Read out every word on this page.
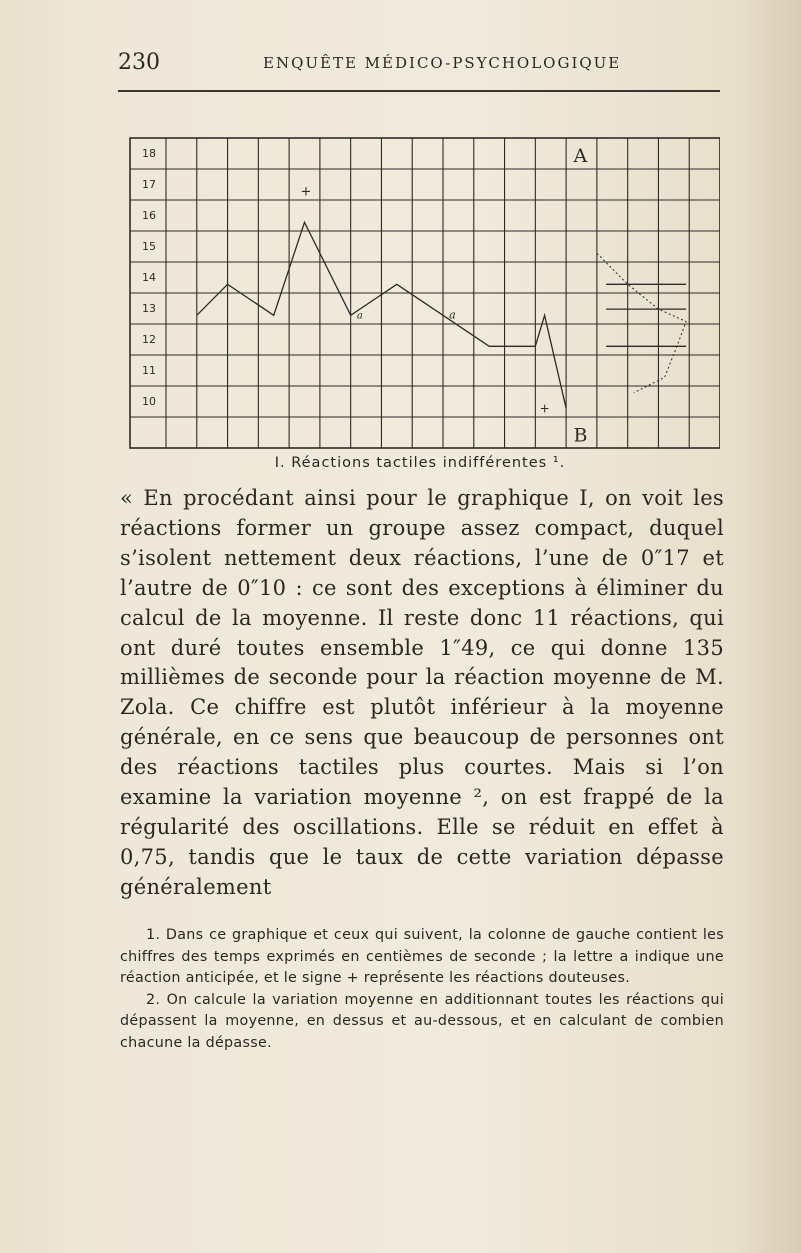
230	ENQUÊTE MÉDICO-PSYCHOLOGIQUE
18
17
16
15
14
13
12
11
10
A
B
a
a
+
+
I. Réactions tactiles indifférentes ¹.

« En procédant ainsi pour le graphique I, on voit les réactions former un groupe assez compact, duquel s’isolent nettement deux réactions, l’une de 0″17 et l’autre de 0″10 : ce sont des exceptions à éliminer du calcul de la moyenne. Il reste donc 11 réactions, qui ont duré toutes ensemble 1″49, ce qui donne 135 millièmes de seconde pour la réaction moyenne de M. Zola. Ce chiffre est plutôt inférieur à la moyenne générale, en ce sens que beaucoup de personnes ont des réactions tactiles plus courtes. Mais si l’on examine la variation moyenne ², on est frappé de la régularité des oscillations. Elle se réduit en effet à 0,75, tandis que le taux de cette variation dépasse généralement

1. Dans ce graphique et ceux qui suivent, la colonne de gauche contient les chiffres des temps exprimés en centièmes de seconde ; la lettre a indique une réaction anticipée, et le signe + représente les réactions douteuses.

2. On calcule la variation moyenne en additionnant toutes les réactions qui dépassent la moyenne, en dessus et au-dessous, et en calculant de combien chacune la dépasse.
